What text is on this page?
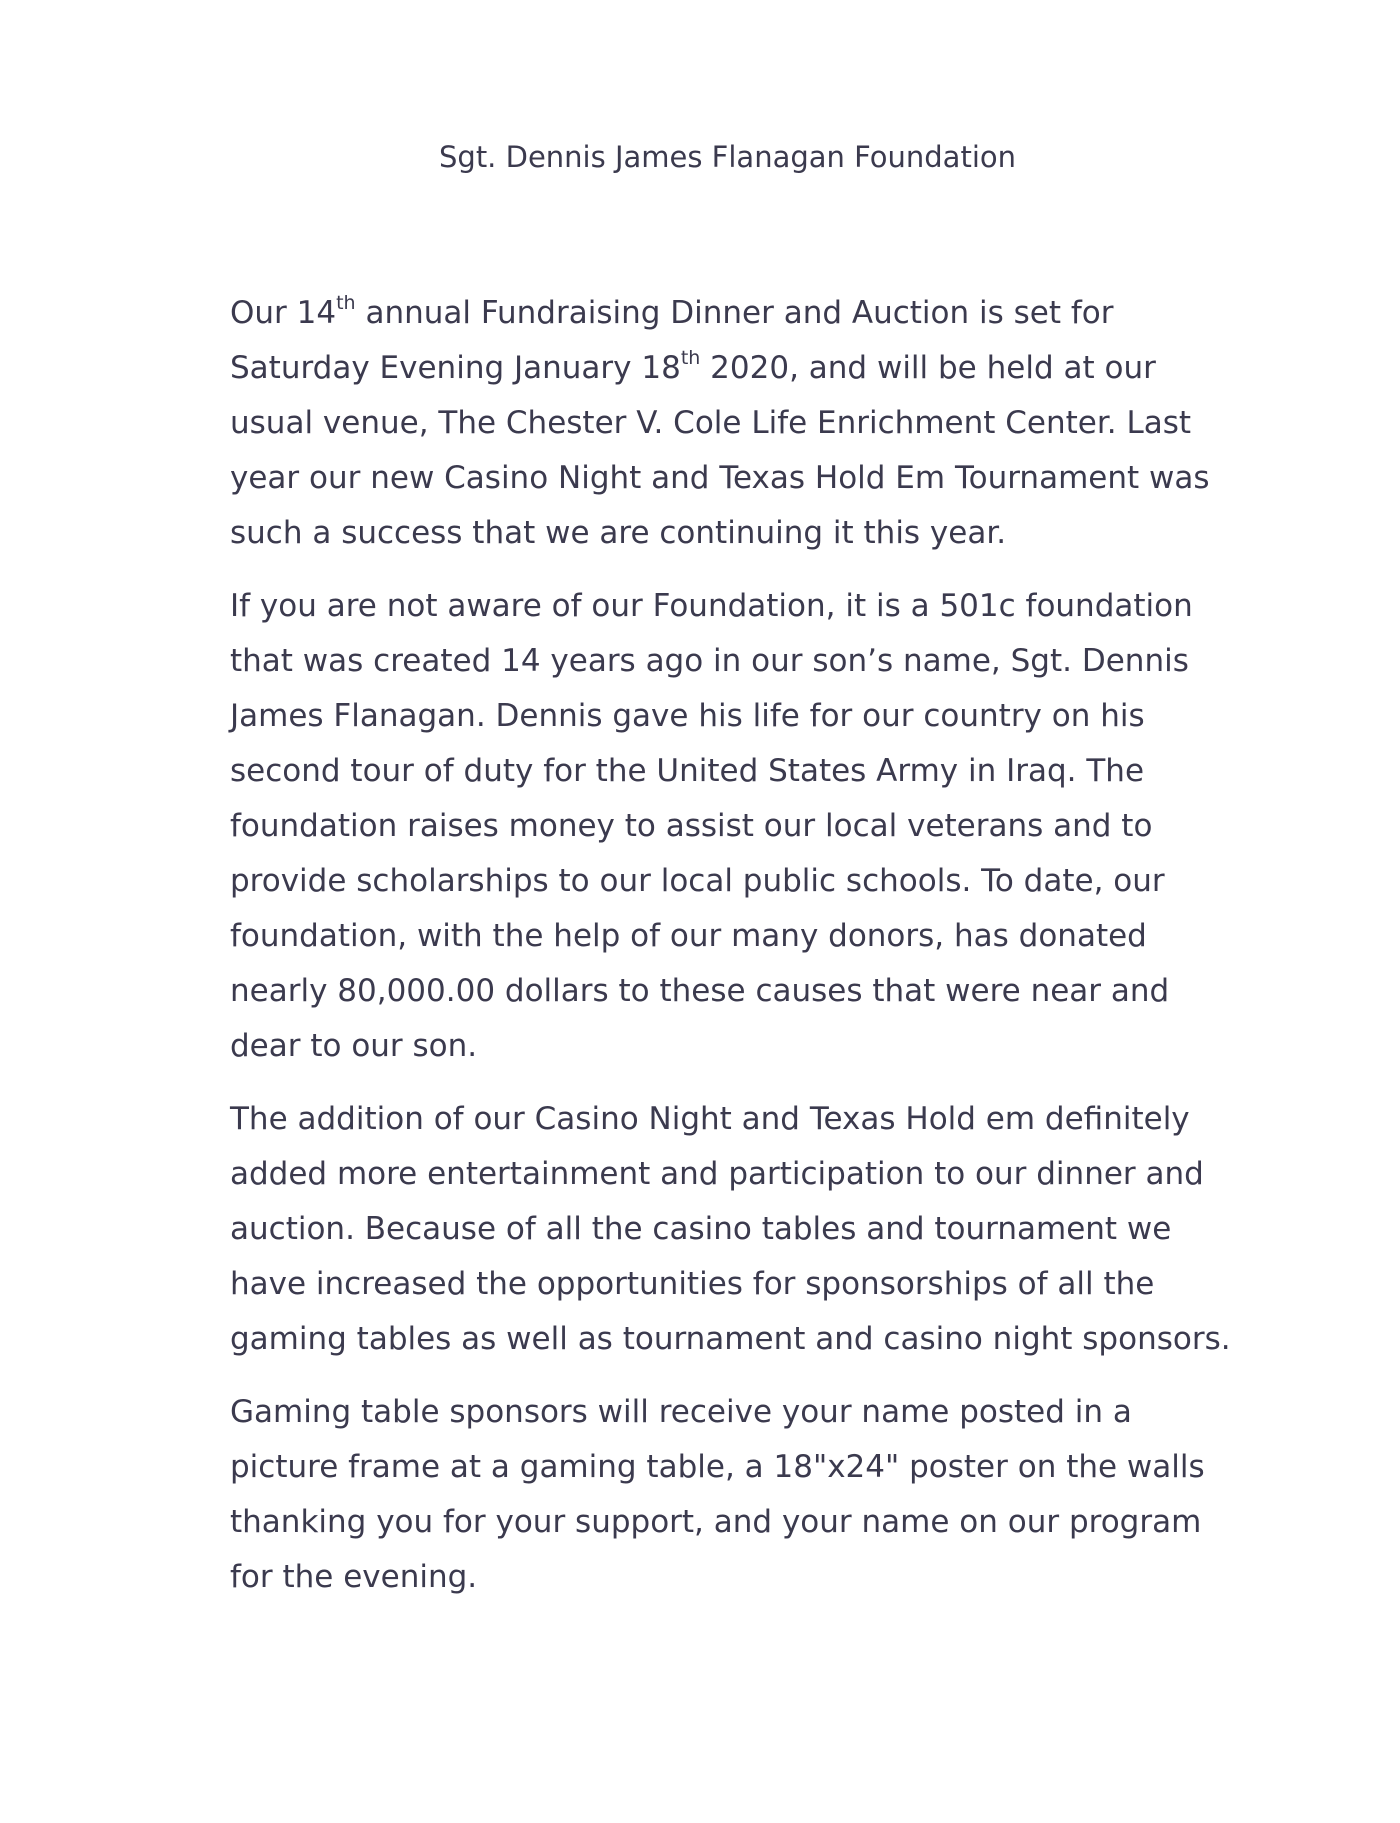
Sgt. Dennis James Flanagan Foundation
Our 14th annual Fundraising Dinner and Auction is set for
Saturday Evening January 18th 2020, and will be held at our
usual venue, The Chester V. Cole Life Enrichment Center. Last
year our new Casino Night and Texas Hold Em Tournament was
such a success that we are continuing it this year.
If you are not aware of our Foundation, it is a 501c foundation
that was created 14 years ago in our son’s name, Sgt. Dennis
James Flanagan. Dennis gave his life for our country on his
second tour of duty for the United States Army in Iraq. The
foundation raises money to assist our local veterans and to
provide scholarships to our local public schools. To date, our
foundation, with the help of our many donors, has donated
nearly 80,000.00 dollars to these causes that were near and
dear to our son.
The addition of our Casino Night and Texas Hold em definitely
added more entertainment and participation to our dinner and
auction. Because of all the casino tables and tournament we
have increased the opportunities for sponsorships of all the
gaming tables as well as tournament and casino night sponsors.
Gaming table sponsors will receive your name posted in a
picture frame at a gaming table, a 18"x24" poster on the walls
thanking you for your support, and your name on our program
for the evening.
